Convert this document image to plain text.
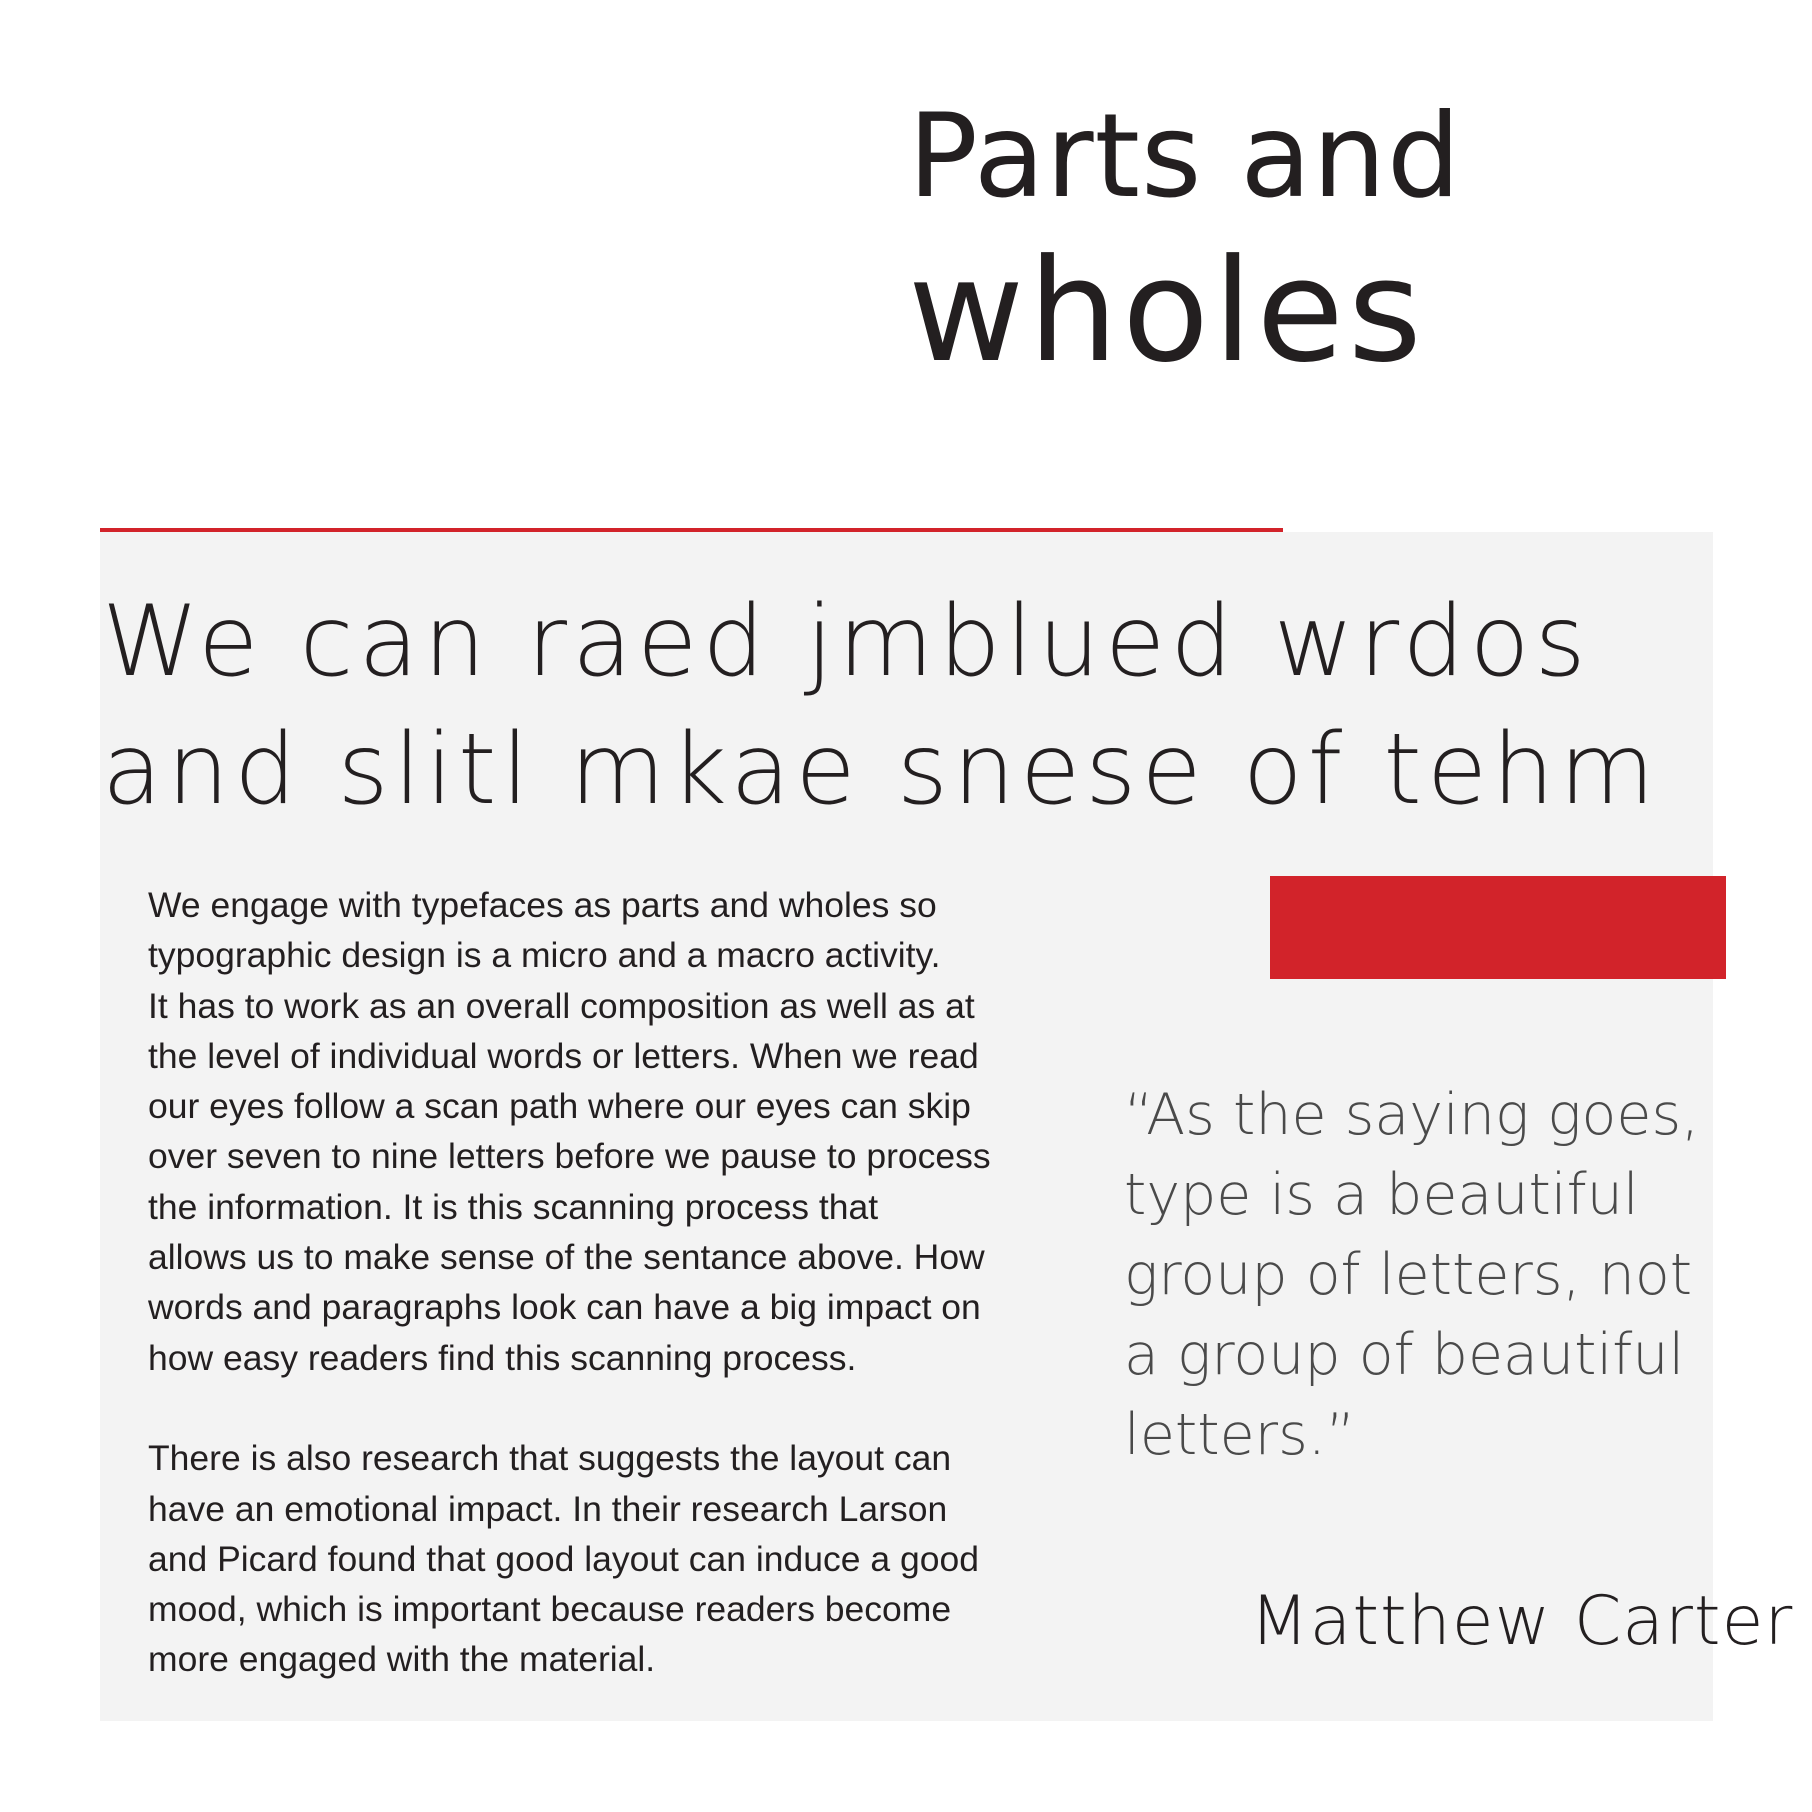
Parts and
wholes
We can raed jmblued wrdos
and slitl mkae snese of tehm
We engage with typefaces as parts and wholes so
typographic design is a micro and a macro activity.
It has to work as an overall composition as well as at
the level of individual words or letters. When we read
our eyes follow a scan path where our eyes can skip
over seven to nine letters before we pause to process
the information. It is this scanning process that
allows us to make sense of the sentance above. How
words and paragraphs look can have a big impact on
how easy readers find this scanning process.
There is also research that suggests the layout can
have an emotional impact. In their research Larson
and Picard found that good layout can induce a good
mood, which is important because readers become
more engaged with the material.
“As the saying goes,
type is a beautiful
group of letters, not
a group of beautiful
letters.”
Matthew Carter
